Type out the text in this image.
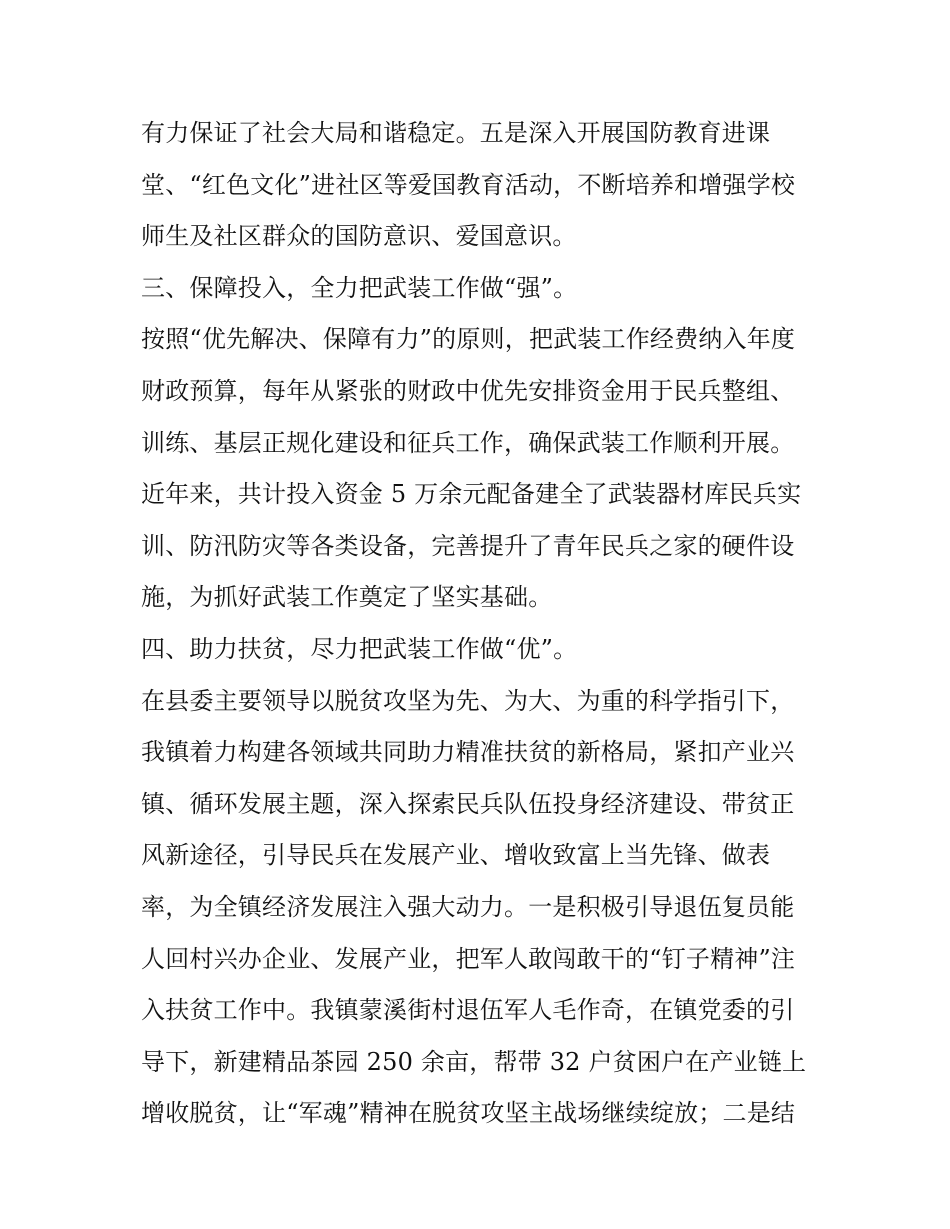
有力保证了社会大局和谐稳定。五是深入开展国防教育进课
堂、“红色文化”进社区等爱国教育活动，不断培养和增强学校
师生及社区群众的国防意识、爱国意识。
三、保障投入，全力把武装工作做“强”。
按照“优先解决、保障有力”的原则，把武装工作经费纳入年度
财政预算，每年从紧张的财政中优先安排资金用于民兵整组、
训练、基层正规化建设和征兵工作，确保武装工作顺利开展。
近年来，共计投入资金 5 万余元配备建全了武装器材库民兵实
训、防汛防灾等各类设备，完善提升了青年民兵之家的硬件设
施，为抓好武装工作奠定了坚实基础。
四、助力扶贫，尽力把武装工作做“优”。
在县委主要领导以脱贫攻坚为先、为大、为重的科学指引下，
我镇着力构建各领域共同助力精准扶贫的新格局，紧扣产业兴
镇、循环发展主题，深入探索民兵队伍投身经济建设、带贫正
风新途径，引导民兵在发展产业、增收致富上当先锋、做表
率，为全镇经济发展注入强大动力。一是积极引导退伍复员能
人回村兴办企业、发展产业，把军人敢闯敢干的“钉子精神”注
入扶贫工作中。我镇蒙溪街村退伍军人毛作奇，在镇党委的引
导下，新建精品茶园 250 余亩，帮带 32 户贫困户在产业链上
增收脱贫，让“军魂”精神在脱贫攻坚主战场继续绽放；二是结
